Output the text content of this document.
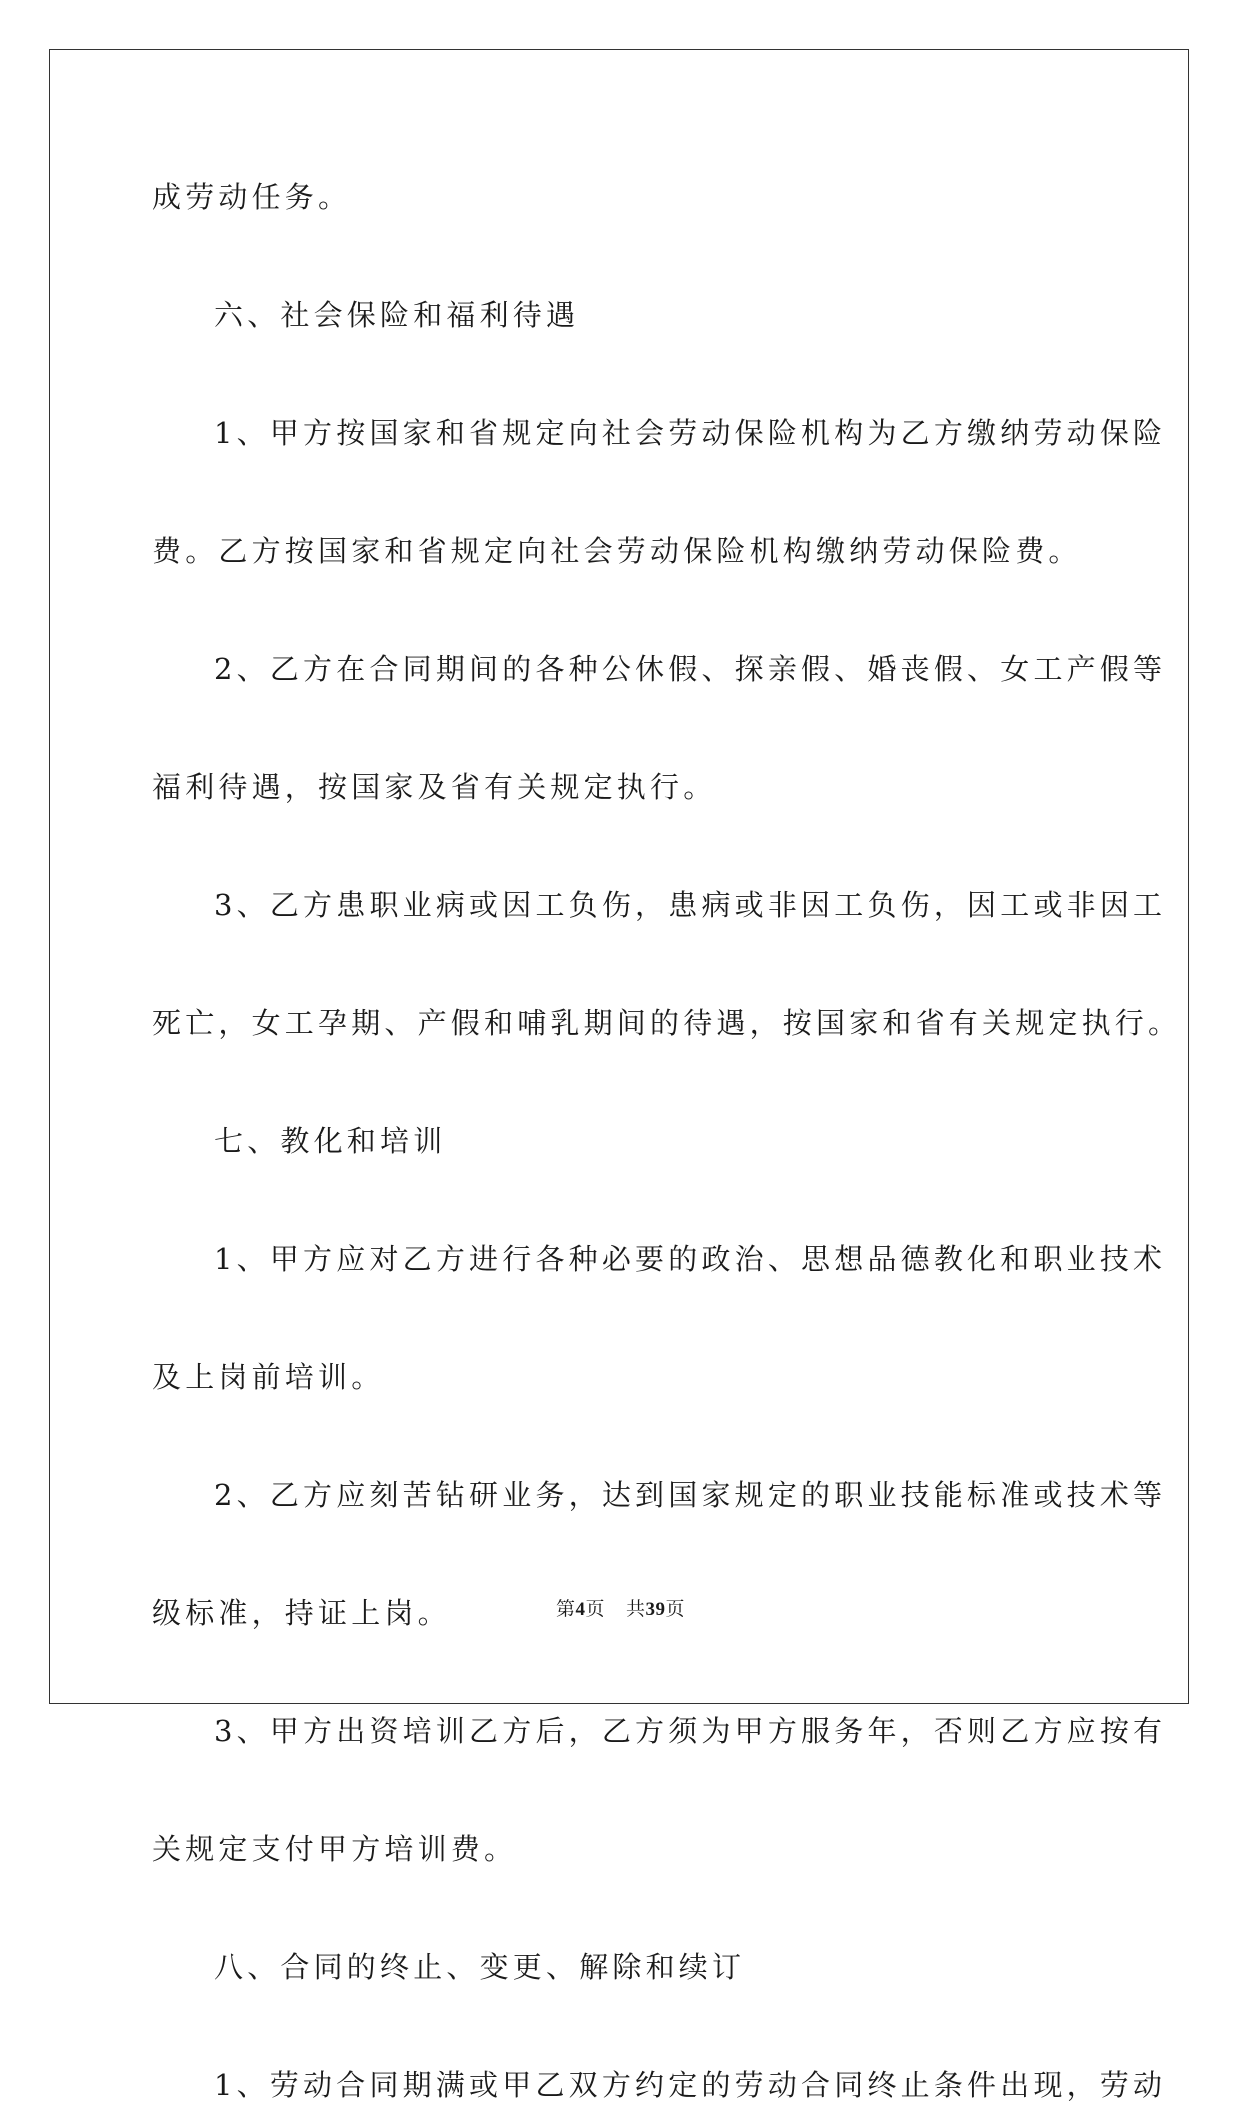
成劳动任务。

六、社会保险和福利待遇

1、甲方按国家和省规定向社会劳动保险机构为乙方缴纳劳动保险

费。乙方按国家和省规定向社会劳动保险机构缴纳劳动保险费。

2、乙方在合同期间的各种公休假、探亲假、婚丧假、女工产假等

福利待遇，按国家及省有关规定执行。

3、乙方患职业病或因工负伤，患病或非因工负伤，因工或非因工

死亡，女工孕期、产假和哺乳期间的待遇，按国家和省有关规定执行。

七、教化和培训

1、甲方应对乙方进行各种必要的政治、思想品德教化和职业技术

及上岗前培训。

2、乙方应刻苦钻研业务，达到国家规定的职业技能标准或技术等

级标准，持证上岗。

3、甲方出资培训乙方后，乙方须为甲方服务年，否则乙方应按有

关规定支付甲方培训费。

八、合同的终止、变更、解除和续订

1、劳动合同期满或甲乙双方约定的劳动合同终止条件出现，劳动

第4页 共39页
